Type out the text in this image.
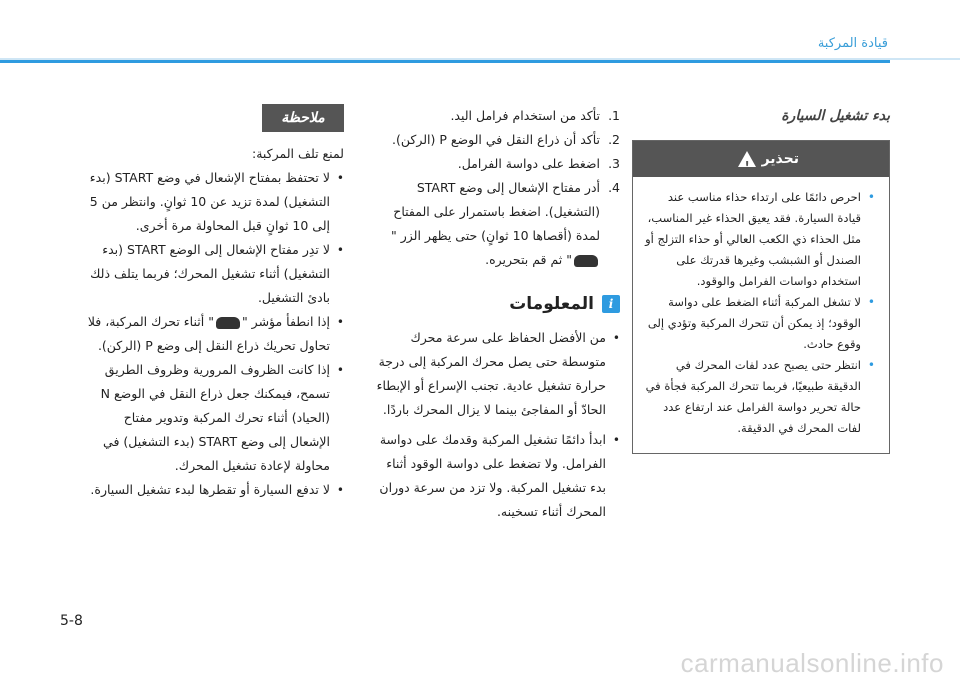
قيادة المركبة
بدء تشغيل السيارة
تحذير
!
• احرص دائمًا على ارتداء حذاء مناسب عند قيادة السيارة. فقد يعيق الحذاء غير المناسب، مثل الحذاء ذي الكعب العالي أو حذاء التزلج أو الصندل أو الشبشب وغيرها قدرتك على استخدام دواسات الفرامل والوقود.
• لا تشغل المركبة أثناء الضغط على دواسة الوقود؛ إذ يمكن أن تتحرك المركبة وتؤدي إلى وقوع حادث.
• انتظر حتى يصبح عدد لفات المحرك في الدقيقة طبيعيًا، فربما تتحرك المركبة فجأة في حالة تحرير دواسة الفرامل عند ارتفاع عدد لفات المحرك في الدقيقة.
1.
تأكد من استخدام فرامل اليد.
2.
تأكد أن ذراع النقل في الوضع P (الركن).
3.
اضغط على دواسة الفرامل.
4.
أدر مفتاح الإشعال إلى وضع START (التشغيل). اضغط باستمرار على المفتاح لمدة (أقصاها 10 ثوانٍ) حتى يظهر الزر "" ثم قم بتحريره.
i
المعلومات
• من الأفضل الحفاظ على سرعة محرك متوسطة حتى يصل محرك المركبة إلى درجة حرارة تشغيل عادية. تجنب الإسراع أو الإبطاء الحادّ أو المفاجئ بينما لا يزال المحرك باردًا.
• ابدأ دائمًا تشغيل المركبة وقدمك على دواسة الفرامل. ولا تضغط على دواسة الوقود أثناء بدء تشغيل المركبة. ولا تزد من سرعة دوران المحرك أثناء تسخينه.
ملاحظة

لمنع تلف المركبة:

• لا تحتفظ بمفتاح الإشعال في وضع START (بدء التشغيل) لمدة تزيد عن 10 ثوانٍ. وانتظر من 5 إلى 10 ثوانٍ قبل المحاولة مرة أخرى.
• لا تدِر مفتاح الإشعال إلى الوضع START (بدء التشغيل) أثناء تشغيل المحرك؛ فربما يتلف ذلك بادئ التشغيل.
• إذا انطفأ مؤشر "" أثناء تحرك المركبة، فلا تحاول تحريك ذراع النقل إلى وضع P (الركن).
• إذا كانت الظروف المرورية وظروف الطريق تسمح، فيمكنك جعل ذراع النقل في الوضع N (الحياد) أثناء تحرك المركبة وتدوير مفتاح الإشعال إلى وضع START (بدء التشغيل) في محاولة لإعادة تشغيل المحرك.
• لا تدفع السيارة أو تقطرها لبدء تشغيل السيارة.
5-8
carmanualsonline.info
